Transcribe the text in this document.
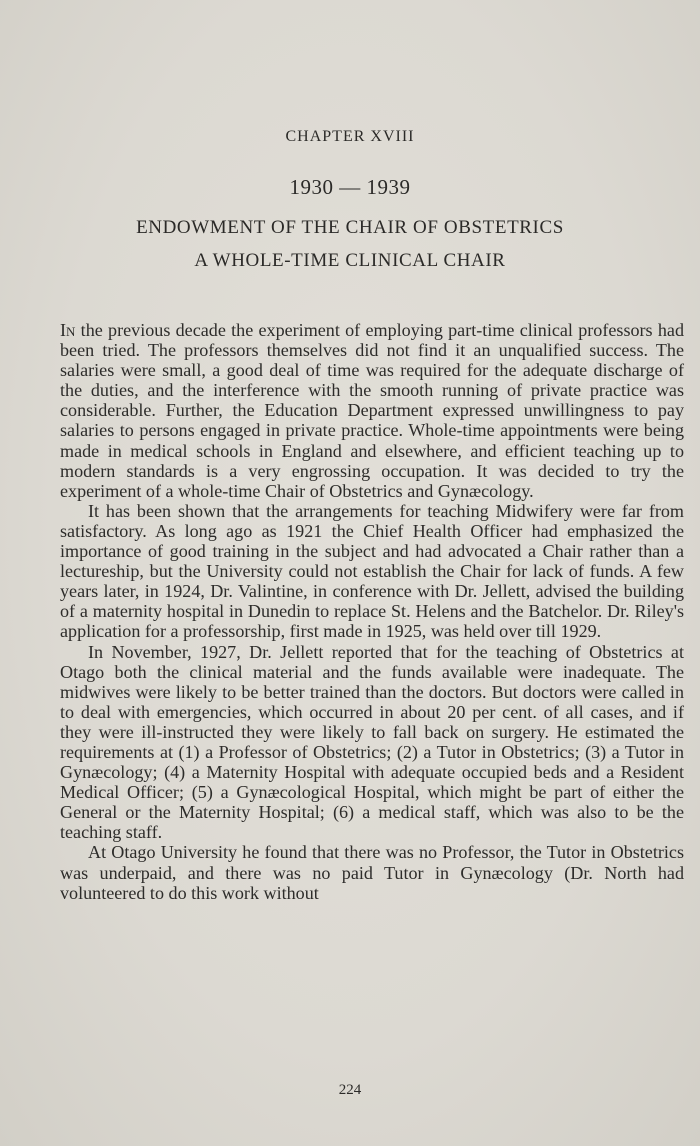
CHAPTER XVIII
1930 — 1939
ENDOWMENT OF THE CHAIR OF OBSTETRICS
A WHOLE-TIME CLINICAL CHAIR

In the previous decade the experiment of employing part-time clinical professors had been tried. The professors themselves did not find it an unqualified success. The salaries were small, a good deal of time was required for the adequate discharge of the duties, and the interference with the smooth running of private practice was considerable. Further, the Education Department expressed unwillingness to pay salaries to persons engaged in private practice. Whole-time appointments were being made in medical schools in England and elsewhere, and efficient teaching up to modern standards is a very engrossing occupation. It was decided to try the experiment of a whole-time Chair of Obstetrics and Gynæcology.

It has been shown that the arrangements for teaching Midwifery were far from satisfactory. As long ago as 1921 the Chief Health Officer had emphasized the importance of good training in the subject and had advocated a Chair rather than a lectureship, but the University could not establish the Chair for lack of funds. A few years later, in 1924, Dr. Valintine, in conference with Dr. Jellett, advised the building of a maternity hospital in Dunedin to replace St. Helens and the Batchelor. Dr. Riley's application for a professorship, first made in 1925, was held over till 1929.

In November, 1927, Dr. Jellett reported that for the teaching of Obstetrics at Otago both the clinical material and the funds available were inadequate. The midwives were likely to be better trained than the doctors. But doctors were called in to deal with emergencies, which occurred in about 20 per cent. of all cases, and if they were ill-instructed they were likely to fall back on surgery. He estimated the requirements at (1) a Professor of Obstetrics; (2) a Tutor in Obstetrics; (3) a Tutor in Gynæcology; (4) a Maternity Hospital with adequate occupied beds and a Resident Medical Officer; (5) a Gynæcological Hospital, which might be part of either the General or the Maternity Hospital; (6) a medical staff, which was also to be the teaching staff.

At Otago University he found that there was no Professor, the Tutor in Obstetrics was underpaid, and there was no paid Tutor in Gynæcology (Dr. North had volunteered to do this work without

224
